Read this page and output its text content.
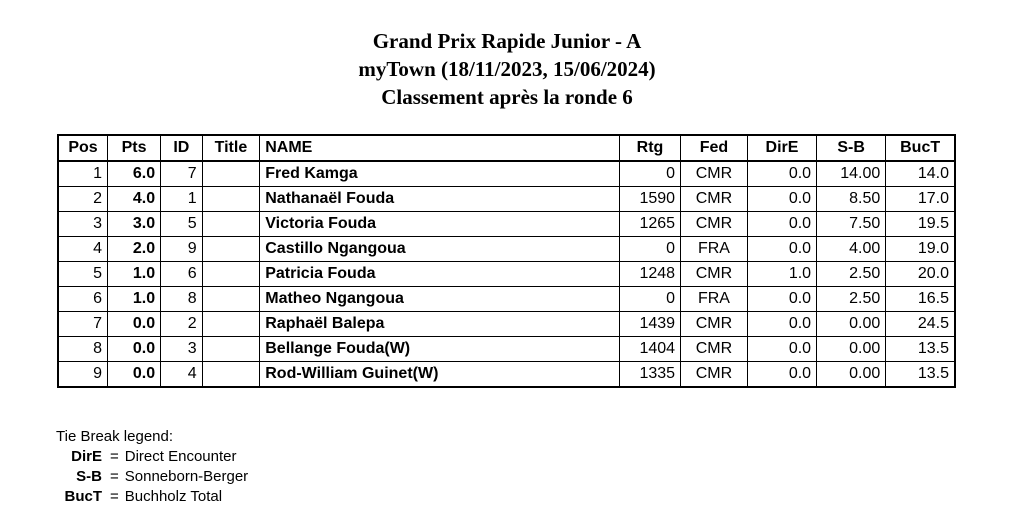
Grand Prix Rapide Junior - A
myTown (18/11/2023, 15/06/2024)
Classement après la ronde 6
Pos	Pts	ID	Title	NAME	Rtg	Fed	DirE	S-B	BucT
1	6.0	7		Fred Kamga	0	CMR	0.0	14.00	14.0
2	4.0	1		Nathanaël Fouda	1590	CMR	0.0	8.50	17.0
3	3.0	5		Victoria Fouda	1265	CMR	0.0	7.50	19.5
4	2.0	9		Castillo Ngangoua	0	FRA	0.0	4.00	19.0
5	1.0	6		Patricia Fouda	1248	CMR	1.0	2.50	20.0
6	1.0	8		Matheo Ngangoua	0	FRA	0.0	2.50	16.5
7	0.0	2		Raphaël Balepa	1439	CMR	0.0	0.00	24.5
8	0.0	3		Bellange Fouda(W)	1404	CMR	0.0	0.00	13.5
9	0.0	4		Rod-William Guinet(W)	1335	CMR	0.0	0.00	13.5
Tie Break legend:
DirE = Direct Encounter
S-B = Sonneborn-Berger
BucT = Buchholz Total
